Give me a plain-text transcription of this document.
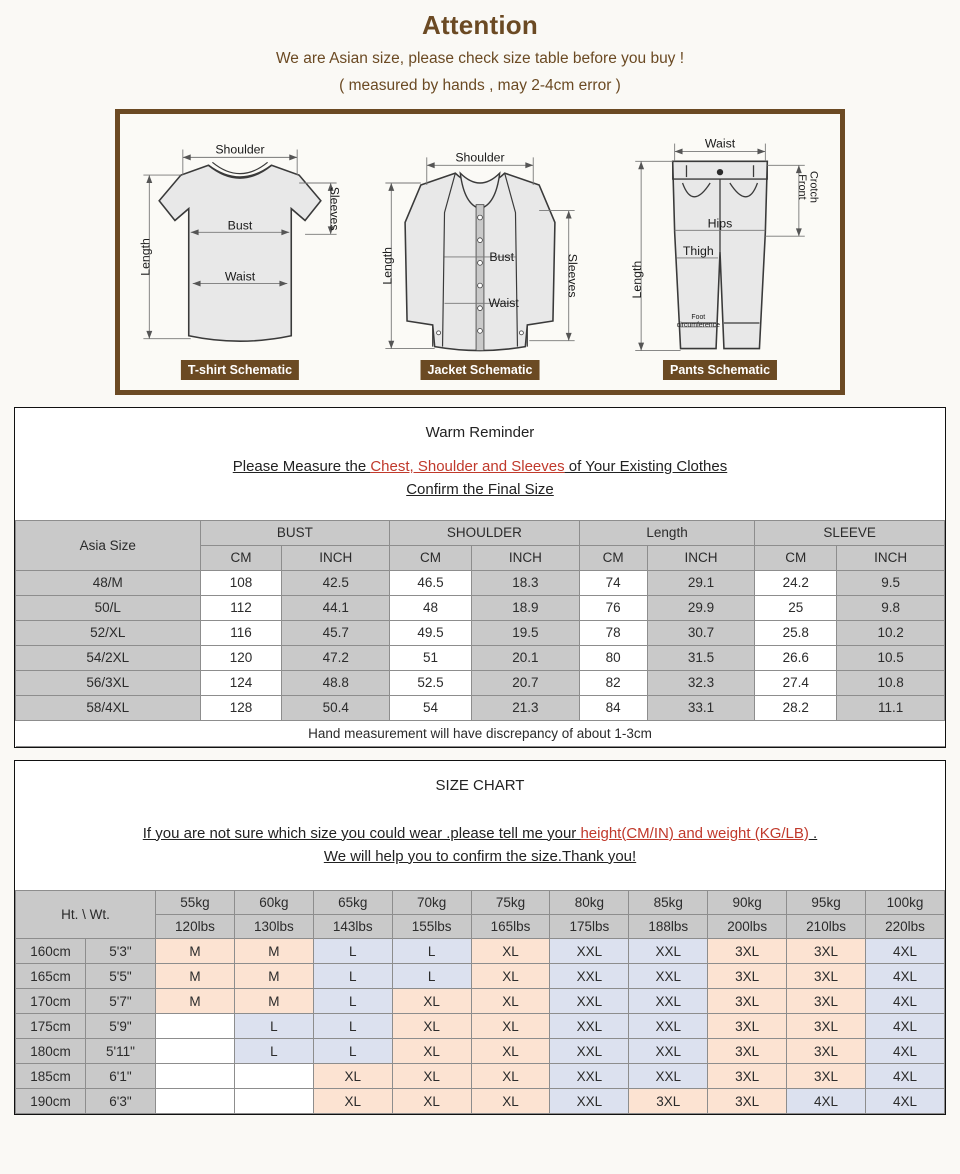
Attention
We are Asian size, please check size table before you buy !
( measured by hands , may 2-4cm error )
Shoulder
Bust
Waist
Length
Sleeves
T-shirt Schematic
Shoulder
Bust
Waist
Length	Sleeves
Jacket Schematic
Waist
Hips
Thigh
Length
Front Crotch
Foot
circumference
Pants Schematic
Warm Reminder
Please Measure the Chest, Shoulder and Sleeves of Your Existing Clothes
Confirm the Final Size
Asia Size	BUST		SHOULDER		Length		SLEEVE	
	CM	INCH	CM	INCH	CM	INCH	CM	INCH
48/M	108	42.5	46.5	18.3	74	29.1	24.2	9.5
50/L	112	44.1	48	18.9	76	29.9	25	9.8
52/XL	116	45.7	49.5	19.5	78	30.7	25.8	10.2
54/2XL	120	47.2	51	20.1	80	31.5	26.6	10.5
56/3XL	124	48.8	52.5	20.7	82	32.3	27.4	10.8
58/4XL	128	50.4	54	21.3	84	33.1	28.2	11.1
Hand measurement will have discrepancy of about 1-3cm								
SIZE CHART
If you are not sure which size you could wear .please tell me your height(CM/IN) and weight (KG/LB) .
We will help you to confirm the size.Thank you!
Ht. \ Wt.		55kg	60kg	65kg	70kg	75kg	80kg	85kg	90kg	95kg	100kg
		120lbs	130lbs	143lbs	155lbs	165lbs	175lbs	188lbs	200lbs	210lbs	220lbs
160cm	5'3"	M	M	L	L	XL	XXL	XXL	3XL	3XL	4XL
165cm	5'5"	M	M	L	L	XL	XXL	XXL	3XL	3XL	4XL
170cm	5'7"	M	M	L	XL	XL	XXL	XXL	3XL	3XL	4XL
175cm	5'9"		L	L	XL	XL	XXL	XXL	3XL	3XL	4XL
180cm	5'11"		L	L	XL	XL	XXL	XXL	3XL	3XL	4XL
185cm	6'1"			XL	XL	XL	XXL	XXL	3XL	3XL	4XL
190cm	6'3"			XL	XL	XL	XXL	3XL	3XL	4XL	4XL
